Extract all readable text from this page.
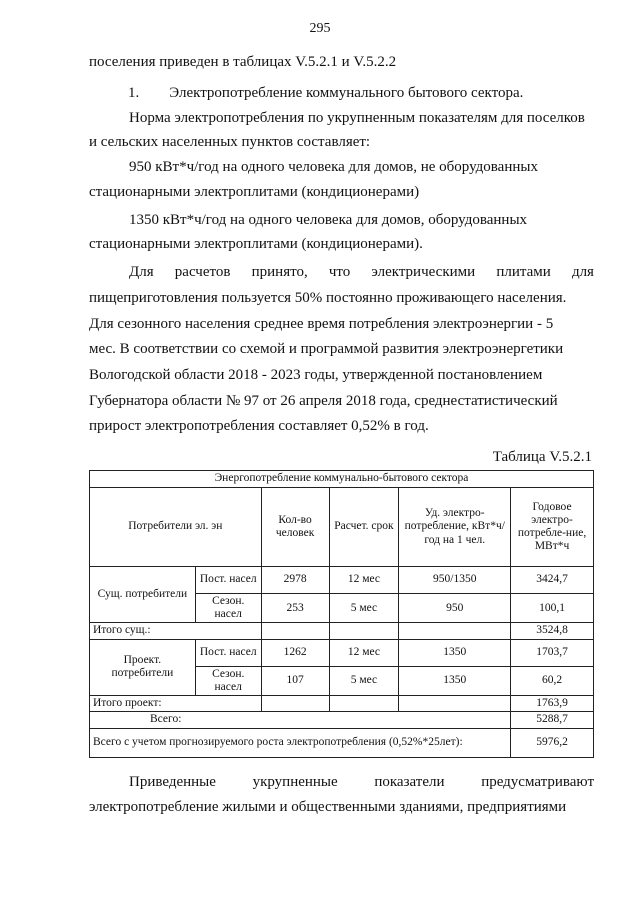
295
поселения приведен в таблицах V.5.2.1 и V.5.2.2
1.        Электропотребление коммунального бытового сектора.
Норма электропотребления по укрупненным показателям для поселков
и сельских населенных пунктов составляет:
950 кВт*ч/год на одного человека для домов, не оборудованных
стационарными электроплитами (кондиционерами)
1350 кВт*ч/год на одного человека для домов, оборудованных
стационарными электроплитами (кондиционерами).
Для расчетов принято, что электрическими плитами для
пищеприготовления пользуется 50% постоянно проживающего населения.
Для сезонного населения среднее время потребления электроэнергии - 5
мес. В соответствии со схемой и программой развития электроэнергетики
Вологодской области 2018 - 2023 годы, утвержденной постановлением
Губернатора области № 97 от 26 апреля 2018 года, среднестатистический
прирост электропотребления составляет 0,52% в год.
Таблица V.5.2.1
Энергопотребление коммунально-бытового сектора					
Потребители эл. эн		Кол-во человек	Расчет. срок	Уд. электро-потребление, кВт*ч/год на 1 чел.	Годовое электро-потребле-ние, МВт*ч
Сущ. потребители	Пост. насел	2978	12 мес	950/1350	3424,7
	Сезон. насел	253	5 мес	950	100,1
Итого сущ.:					3524,8
Проект. потребители	Пост. насел	1262	12 мес	1350	1703,7
	Сезон. насел	107	5 мес	1350	60,2
Итого проект:					1763,9
Всего:					5288,7
Всего с учетом прогнозируемого роста электропотребления (0,52%*25лет):					5976,2
Приведенные укрупненные показатели предусматривают
электропотребление жилыми и общественными зданиями, предприятиями
